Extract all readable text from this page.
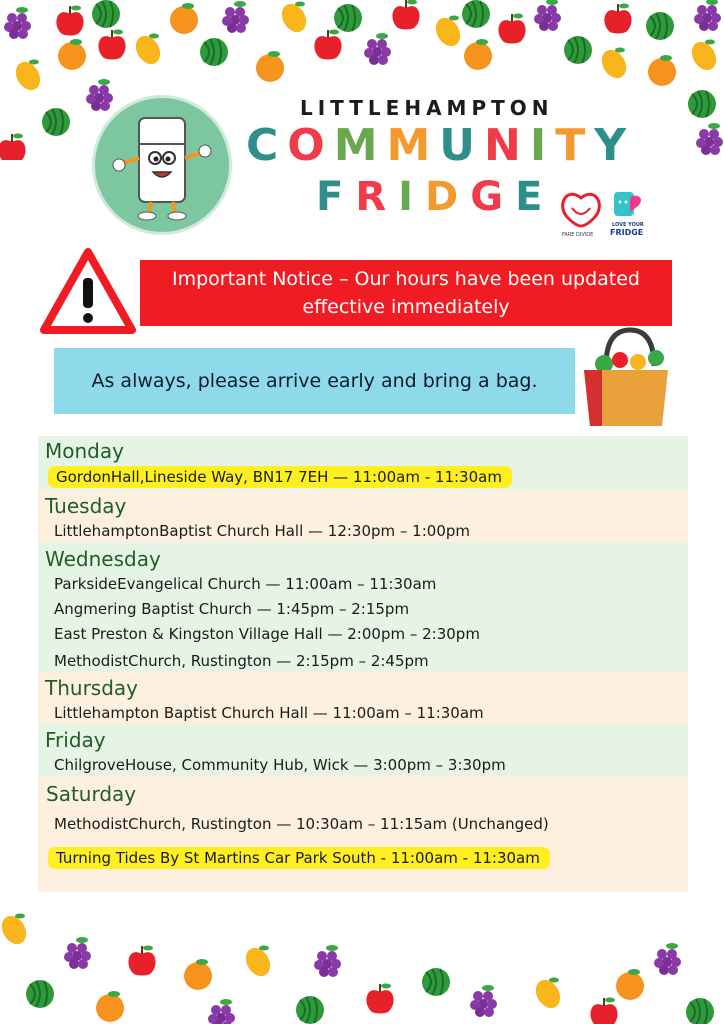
LITTLEHAMPTON
COMMUNITY
FRIDGE
FARE DIVIDE
LOVE YOUR
FRIDGE
Important Notice – Our hours have been updated
effective immediately
As always, please arrive early and bring a bag.
Monday
GordonHall,Lineside Way, BN17 7EH — 11:00am - 11:30am
Tuesday
LittlehamptonBaptist Church Hall — 12:30pm – 1:00pm
Wednesday
ParksideEvangelical Church — 11:00am – 11:30am
Angmering Baptist Church — 1:45pm – 2:15pm
East Preston & Kingston Village Hall — 2:00pm – 2:30pm
MethodistChurch, Rustington — 2:15pm – 2:45pm
Thursday
Littlehampton Baptist Church Hall — 11:00am – 11:30am
Friday
ChilgroveHouse, Community Hub, Wick — 3:00pm – 3:30pm
Saturday
MethodistChurch, Rustington — 10:30am – 11:15am (Unchanged)
Turning Tides By St Martins Car Park South - 11:00am - 11:30am
